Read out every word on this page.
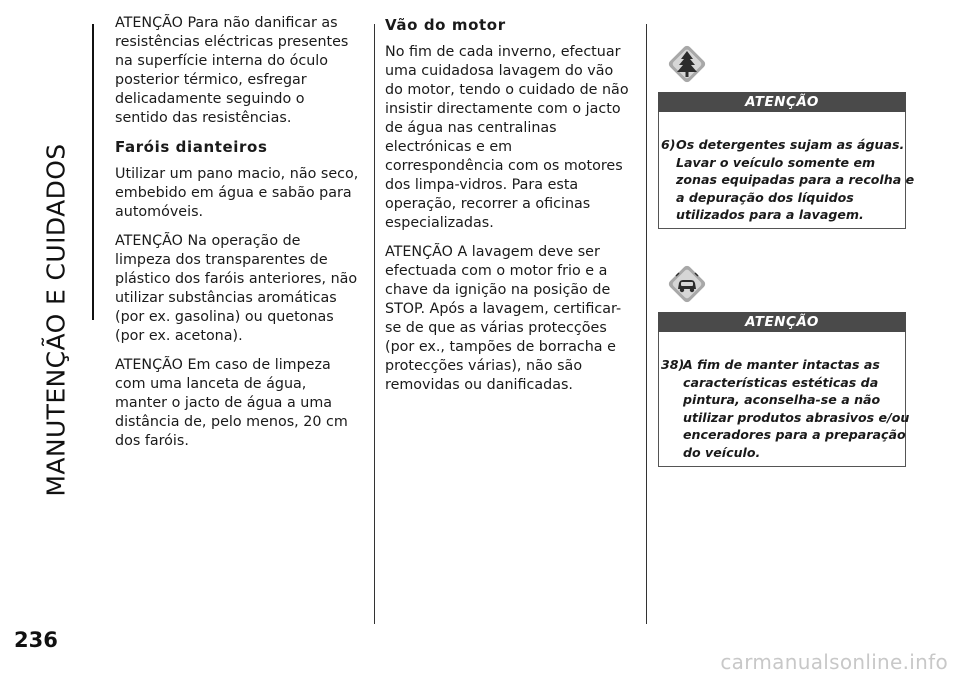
MANUTENÇÃO E CUIDADOS
236

ATENÇÃO Para não danificar as resistências eléctricas presentes na superfície interna do óculo posterior térmico, esfregar delicadamente seguindo o sentido das resistências.

Faróis dianteiros

Utilizar um pano macio, não seco, embebido em água e sabão para automóveis.

ATENÇÃO Na operação de limpeza dos transparentes de plástico dos faróis anteriores, não utilizar substâncias aromáticas (por ex. gasolina) ou quetonas (por ex. acetona).

ATENÇÃO Em caso de limpeza com uma lanceta de água, manter o jacto de água a uma distância de, pelo menos, 20 cm dos faróis.

Vão do motor

No fim de cada inverno, efectuar uma cuidadosa lavagem do vão do motor, tendo o cuidado de não insistir directamente com o jacto de água nas centralinas electrónicas e em correspondência com os motores dos limpa-vidros. Para esta operação, recorrer a oficinas especializadas.

ATENÇÃO A lavagem deve ser efectuada com o motor frio e a chave da ignição na posição de STOP. Após a lavagem, certificar-se de que as várias protecções (por ex., tampões de borracha e protecções várias), não são removidas ou danificadas.

ATENÇÃO
6) Os detergentes sujam as águas. Lavar o veículo somente em zonas equipadas para a recolha e a depuração dos líquidos utilizados para a lavagem.
ATENÇÃO
38)
A fim de manter intactas as características estéticas da pintura, aconselha-se a não utilizar produtos abrasivos e/ou enceradores para a preparação do veículo.
carmanualsonline.info
